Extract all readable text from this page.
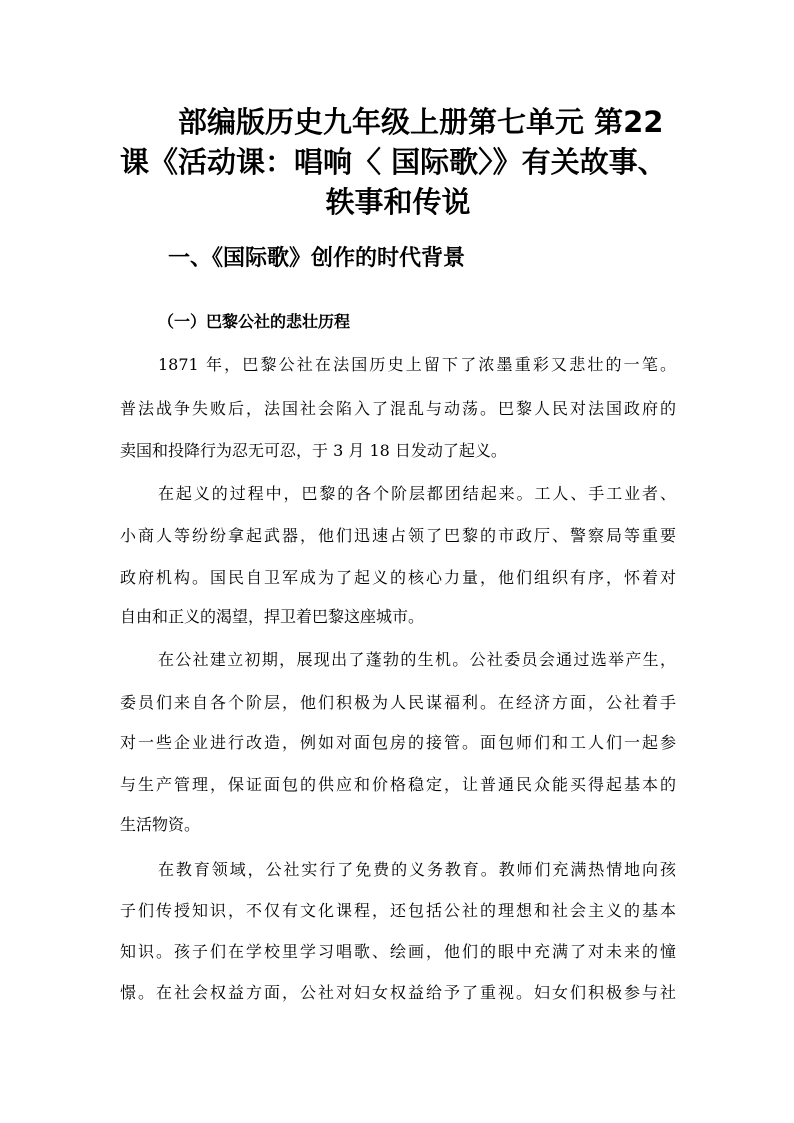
部编版历史九年级上册第七单元 第22
课《活动课：唱响〈 国际歌〉》有关故事、
轶事和传说
一、《国际歌》创作的时代背景
（一）巴黎公社的悲壮历程

1871 年，巴黎公社在法国历史上留下了浓墨重彩又悲壮的一笔。

普法战争失败后，法国社会陷入了混乱与动荡。巴黎人民对法国政府的

卖国和投降行为忍无可忍，于 3 月 18 日发动了起义。

在起义的过程中，巴黎的各个阶层都团结起来。工人、手工业者、

小商人等纷纷拿起武器，他们迅速占领了巴黎的市政厅、警察局等重要

政府机构。国民自卫军成为了起义的核心力量，他们组织有序，怀着对

自由和正义的渴望，捍卫着巴黎这座城市。

在公社建立初期，展现出了蓬勃的生机。公社委员会通过选举产生，

委员们来自各个阶层，他们积极为人民谋福利。在经济方面，公社着手

对一些企业进行改造，例如对面包房的接管。面包师们和工人们一起参

与生产管理，保证面包的供应和价格稳定，让普通民众能买得起基本的

生活物资。

在教育领域，公社实行了免费的义务教育。教师们充满热情地向孩

子们传授知识，不仅有文化课程，还包括公社的理想和社会主义的基本

知识。孩子们在学校里学习唱歌、绘画，他们的眼中充满了对未来的憧

憬。在社会权益方面，公社对妇女权益给予了重视。妇女们积极参与社
